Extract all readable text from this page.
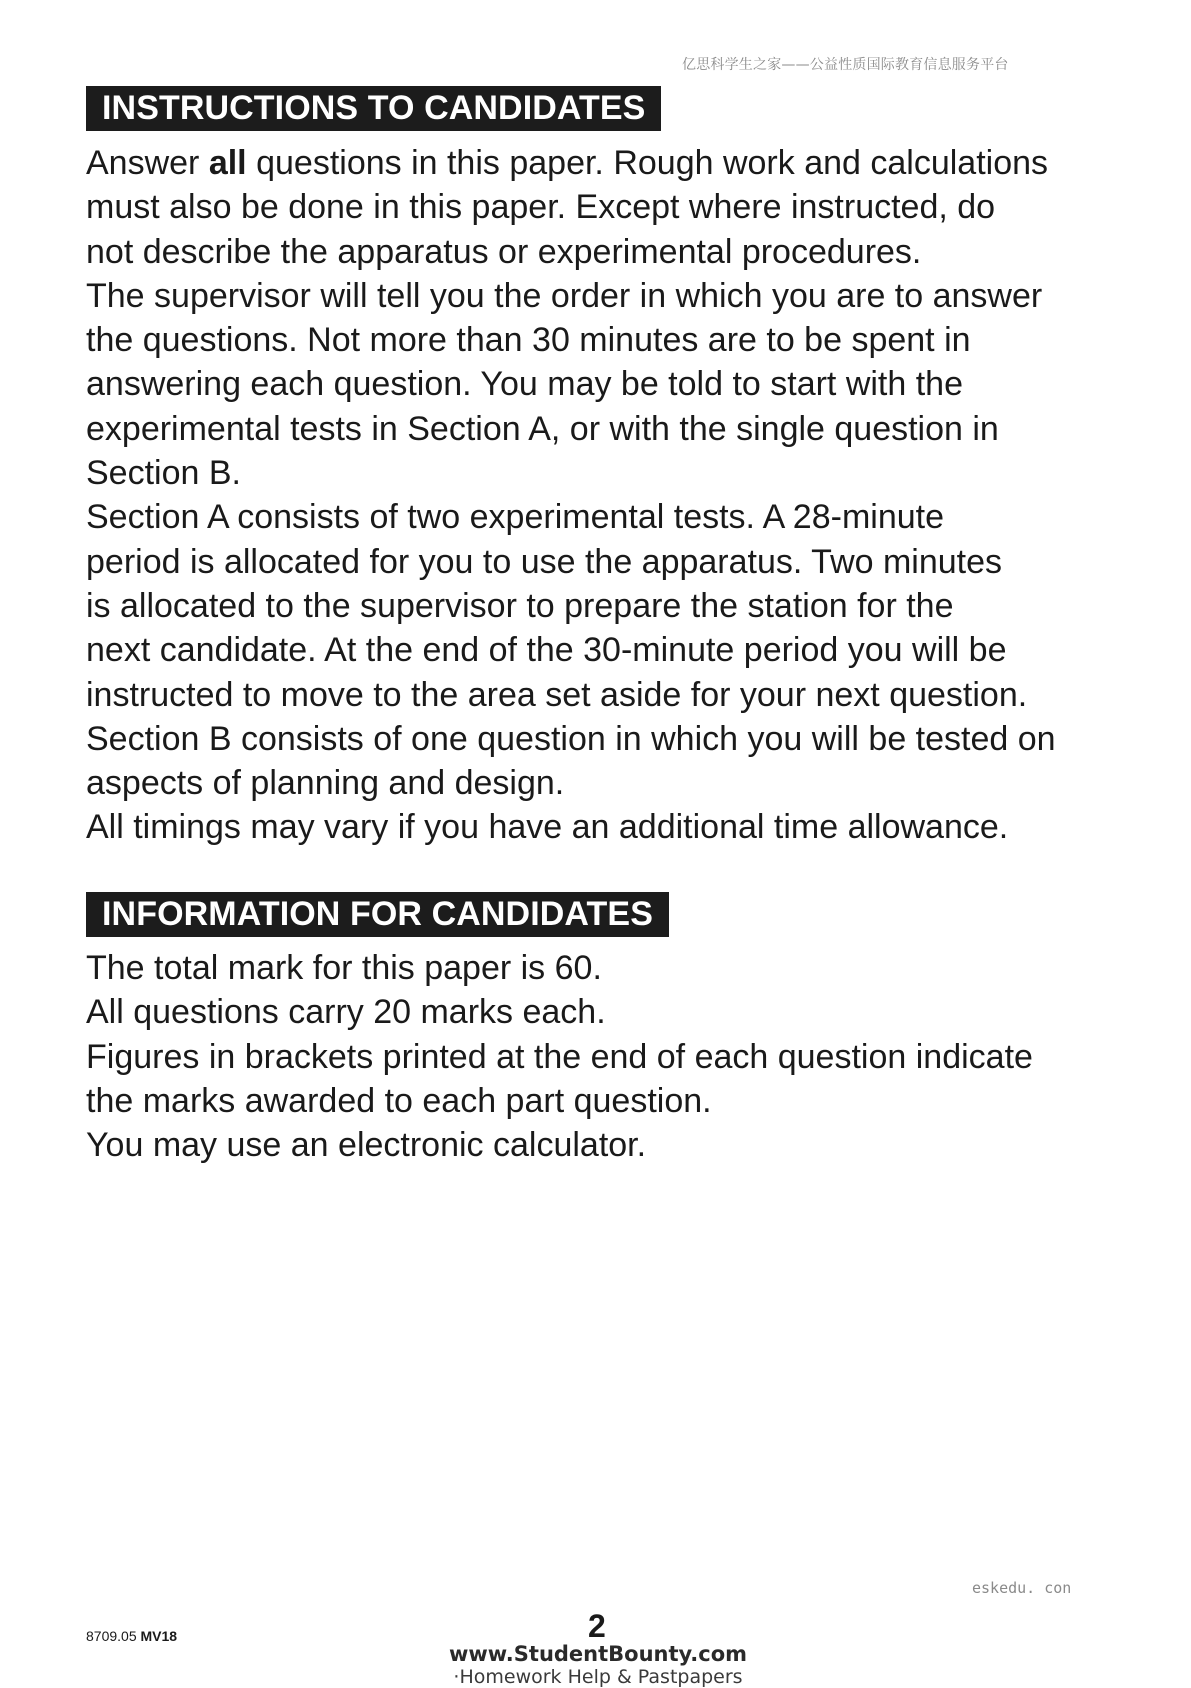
亿思科学生之家——公益性质国际教育信息服务平台
INSTRUCTIONS TO CANDIDATES

Answer all questions in this paper. Rough work and calculations
must also be done in this paper. Except where instructed, do
not describe the apparatus or experimental procedures.

The supervisor will tell you the order in which you are to answer
the questions. Not more than 30 minutes are to be spent in
answering each question. You may be told to start with the
experimental tests in Section A, or with the single question in
Section B.

Section A consists of two experimental tests. A 28-minute
period is allocated for you to use the apparatus. Two minutes
is allocated to the supervisor to prepare the station for the
next candidate. At the end of the 30-minute period you will be
instructed to move to the area set aside for your next question.

Section B consists of one question in which you will be tested on
aspects of planning and design.

All timings may vary if you have an additional time allowance.

INFORMATION FOR CANDIDATES

The total mark for this paper is 60.
All questions carry 20 marks each.
Figures in brackets printed at the end of each question indicate
the marks awarded to each part question.
You may use an electronic calculator.

eskedu. con
8709.05 MV18	2
www.StudentBounty.com
·Homework Help & Pastpapers
